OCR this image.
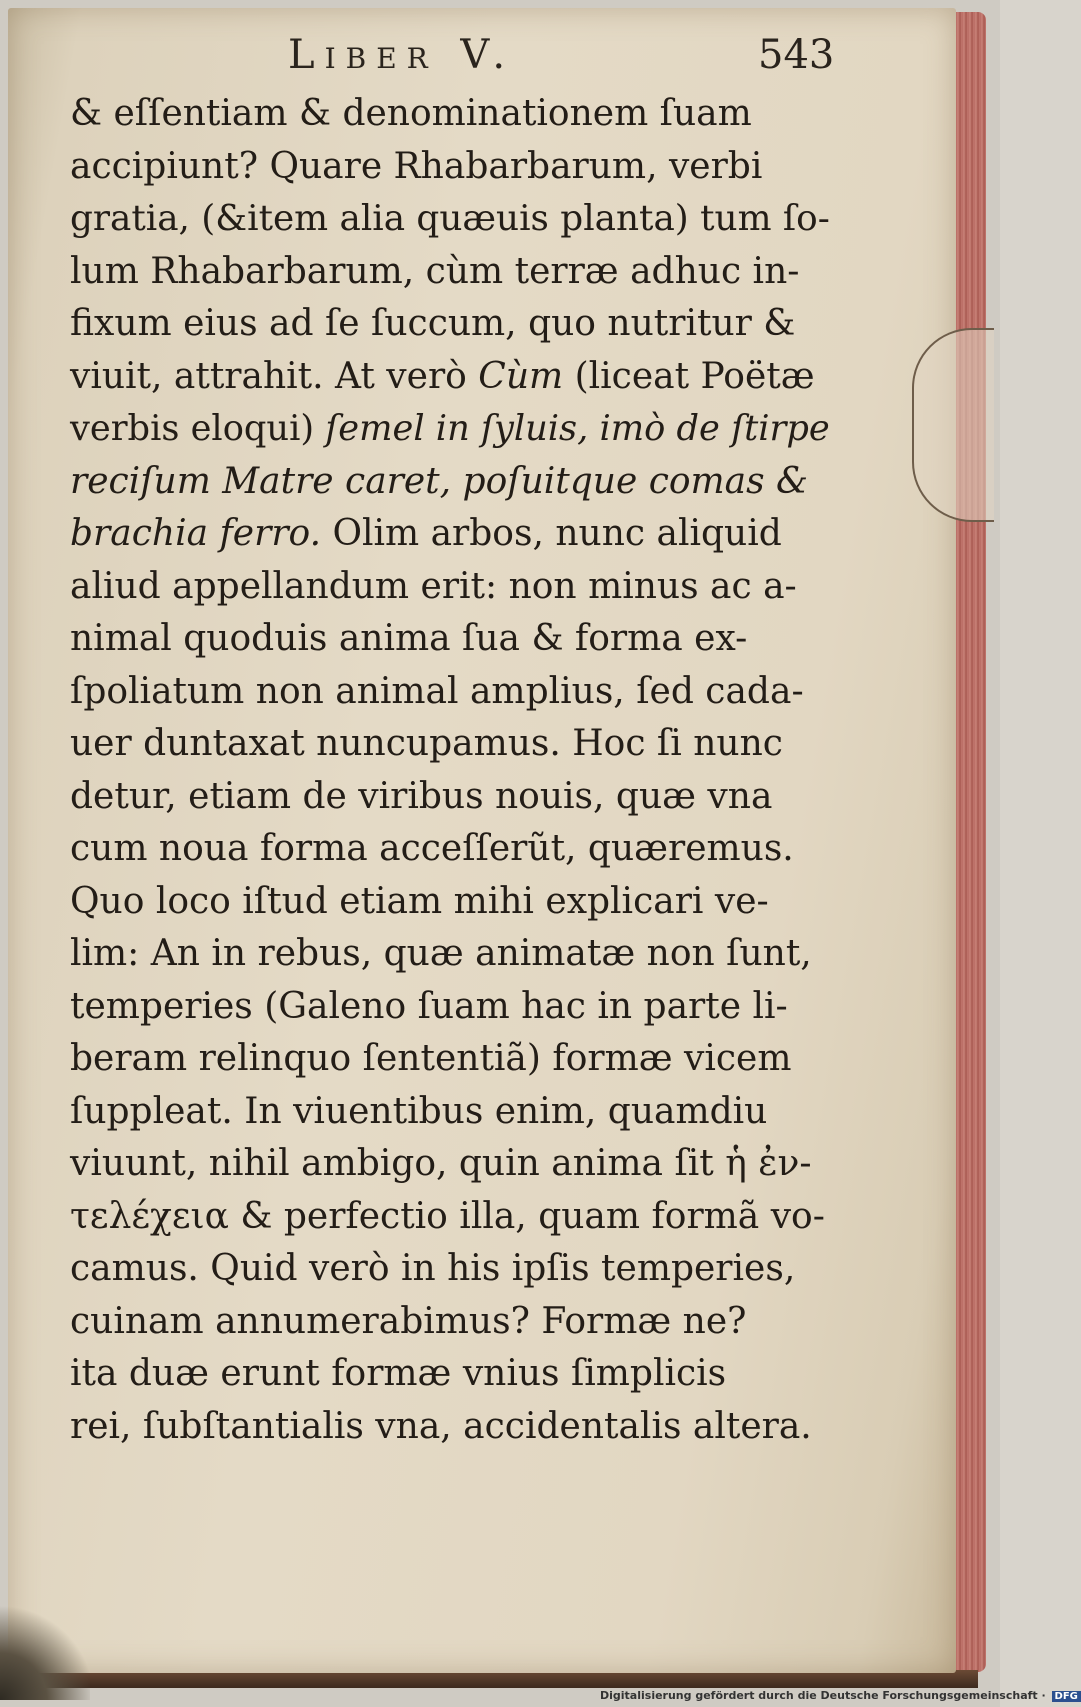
Liber V.	543
& eſſentiam & denominationem ſuam
accipiunt? Quare Rhabarbarum, verbi
gratia, (&item alia quæuis planta) tum ſo-
lum Rhabarbarum, cùm terræ adhuc in-
fixum eius ad ſe ſuccum, quo nutritur &
viuit, attrahit. At verò Cùm (liceat Poëtæ
verbis eloqui) ſemel in ſyluis, imò de ſtirpe
reciſum Matre caret, poſuitque comas &
brachia ferro. Olim arbos, nunc aliquid
aliud appellandum erit: non minus ac a-
nimal quoduis anima ſua & forma ex-
ſpoliatum non animal amplius, ſed cada-
uer duntaxat nuncupamus. Hoc ſi nunc
detur, etiam de viribus nouis, quæ vna
cum noua forma acceſſerũt, quæremus.
Quo loco iſtud etiam mihi explicari ve-
lim: An in rebus, quæ animatæ non ſunt,
temperies (Galeno ſuam hac in parte li-
beram relinquo ſententiã) formæ vicem
ſuppleat. In viuentibus enim, quamdiu
viuunt, nihil ambigo, quin anima ſit ἡ ἐν-
τελέχεια & perfectio illa, quam formã vo-
camus. Quid verò in his ipſis temperies,
cuinam annumerabimus? Formæ ne?
ita duæ erunt formæ vnius ſimplicis
rei, ſubſtantialis vna, accidentalis altera.
Digitalisierung gefördert durch die Deutsche Forschungsgemeinschaft · DFG
